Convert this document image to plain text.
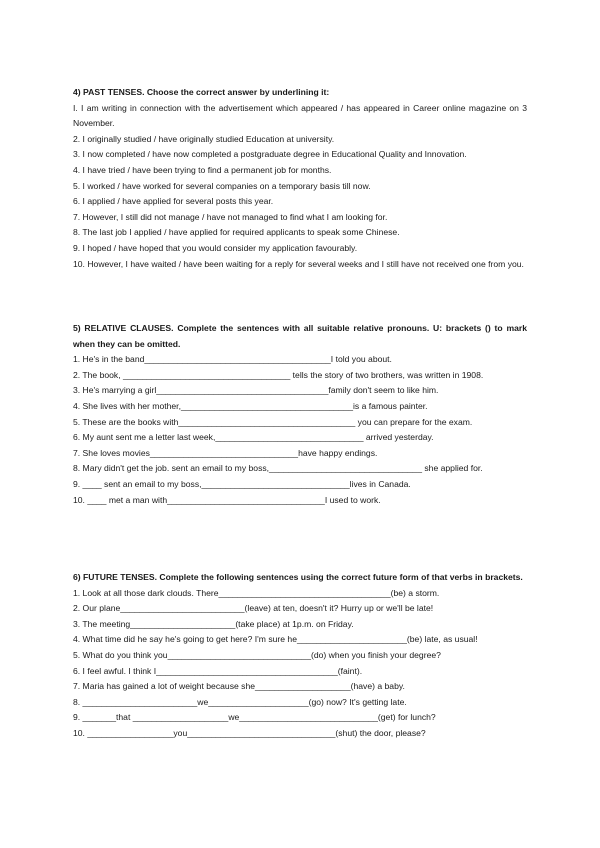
4) PAST TENSES. Choose the correct answer by underlining it:
I. I am writing in connection with the advertisement which appeared / has appeared in Career online magazine on 3 November.
2. I originally studied / have originally studied Education at university.
3. I now completed / have now completed a postgraduate degree in Educational Quality and Innovation.
4. I have tried / have been trying to find a permanent job for months.
5. I worked / have worked for several companies on a temporary basis till now.
6. I applied / have applied for several posts this year.
7. However, I still did not manage / have not managed to find what I am looking for.
8. The last job I applied / have applied for required applicants to speak some Chinese.
9. I hoped / have hoped that you would consider my application favourably.
10. However, I have waited / have been waiting for a reply for several weeks and I still have not received one from you.
5) RELATIVE CLAUSES. Complete the sentences with all suitable relative pronouns. U: brackets () to mark when they can be omitted.
1. He's in the band_______________________________________I told you about.
2. The book, ___________________________________ tells the story of two brothers, was written in 1908.
3. He's marrying a girl____________________________________family don't seem to like him.
4. She lives with her mother,____________________________________is a famous painter.
5. These are the books with_____________________________________ you can prepare for the exam.
6. My aunt sent me a letter last week,_______________________________ arrived yesterday.
7. She loves movies_______________________________have happy endings.
8. Mary didn't get the job. sent an email to my boss,________________________________ she applied for.
9. ____ sent an email to my boss,_______________________________lives in Canada.
10. ____ met a man with_________________________________I used to work.
6) FUTURE TENSES. Complete the following sentences using the correct future form of that verbs in brackets.
1. Look at all those dark clouds. There____________________________________(be) a storm.
2. Our plane__________________________(leave) at ten, doesn't it? Hurry up or we'll be late!
3. The meeting______________________(take place) at 1p.m. on Friday.
4. What time did he say he's going to get here? I'm sure he_______________________(be) late, as usual!
5. What do you think you______________________________(do) when you finish your degree?
6. I feel awful. I think I______________________________________(faint).
7. Maria has gained a lot of weight because she____________________(have) a baby.
8. ________________________we_____________________(go) now? It's getting late.
9. _______that ____________________we_____________________________(get) for lunch?
10. __________________you_______________________________(shut) the door, please?
